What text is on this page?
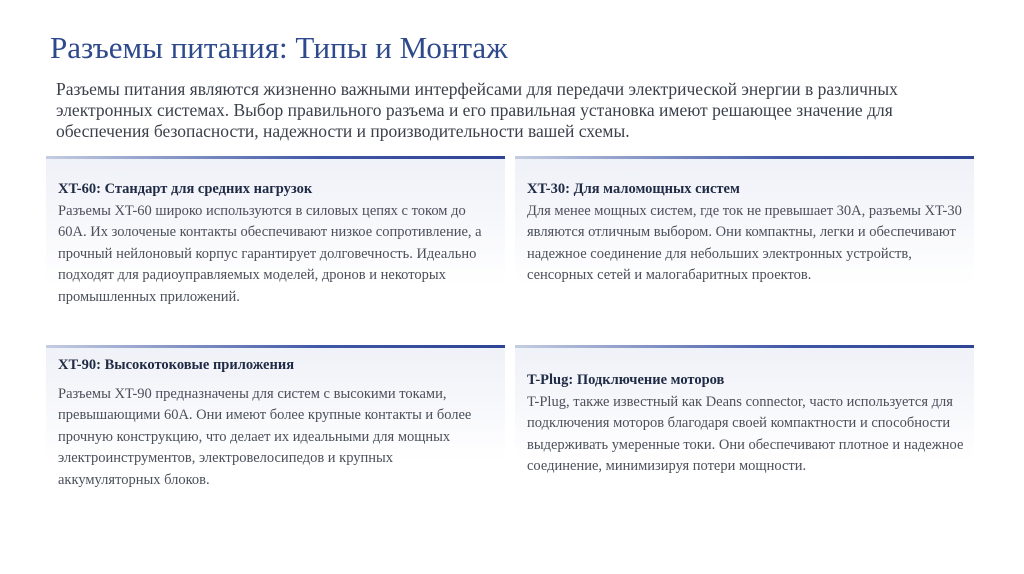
Разъемы питания: Типы и Монтаж

Разъемы питания являются жизненно важными интерфейсами для передачи электрической энергии в различных электронных системах. Выбор правильного разъема и его правильная установка имеют решающее значение для обеспечения безопасности, надежности и производительности вашей схемы.

XT-60: Стандарт для средних нагрузок
Разъемы XT-60 широко используются в силовых цепях с током до 60А. Их золоченые контакты обеспечивают низкое сопротивление, а прочный нейлоновый корпус гарантирует долговечность. Идеально подходят для радиоуправляемых моделей, дронов и некоторых промышленных приложений.
XT-30: Для маломощных систем
Для менее мощных систем, где ток не превышает 30А, разъемы XT-30 являются отличным выбором. Они компактны, легки и обеспечивают надежное соединение для небольших электронных устройств, сенсорных сетей и малогабаритных проектов.
XT-90: Высокотоковые приложения
Разъемы XT-90 предназначены для систем с высокими токами, превышающими 60А. Они имеют более крупные контакты и более прочную конструкцию, что делает их идеальными для мощных электроинструментов, электровелосипедов и крупных аккумуляторных блоков.
T-Plug: Подключение моторов
T-Plug, также известный как Deans connector, часто используется для подключения моторов благодаря своей компактности и способности выдерживать умеренные токи. Они обеспечивают плотное и надежное соединение, минимизируя потери мощности.
